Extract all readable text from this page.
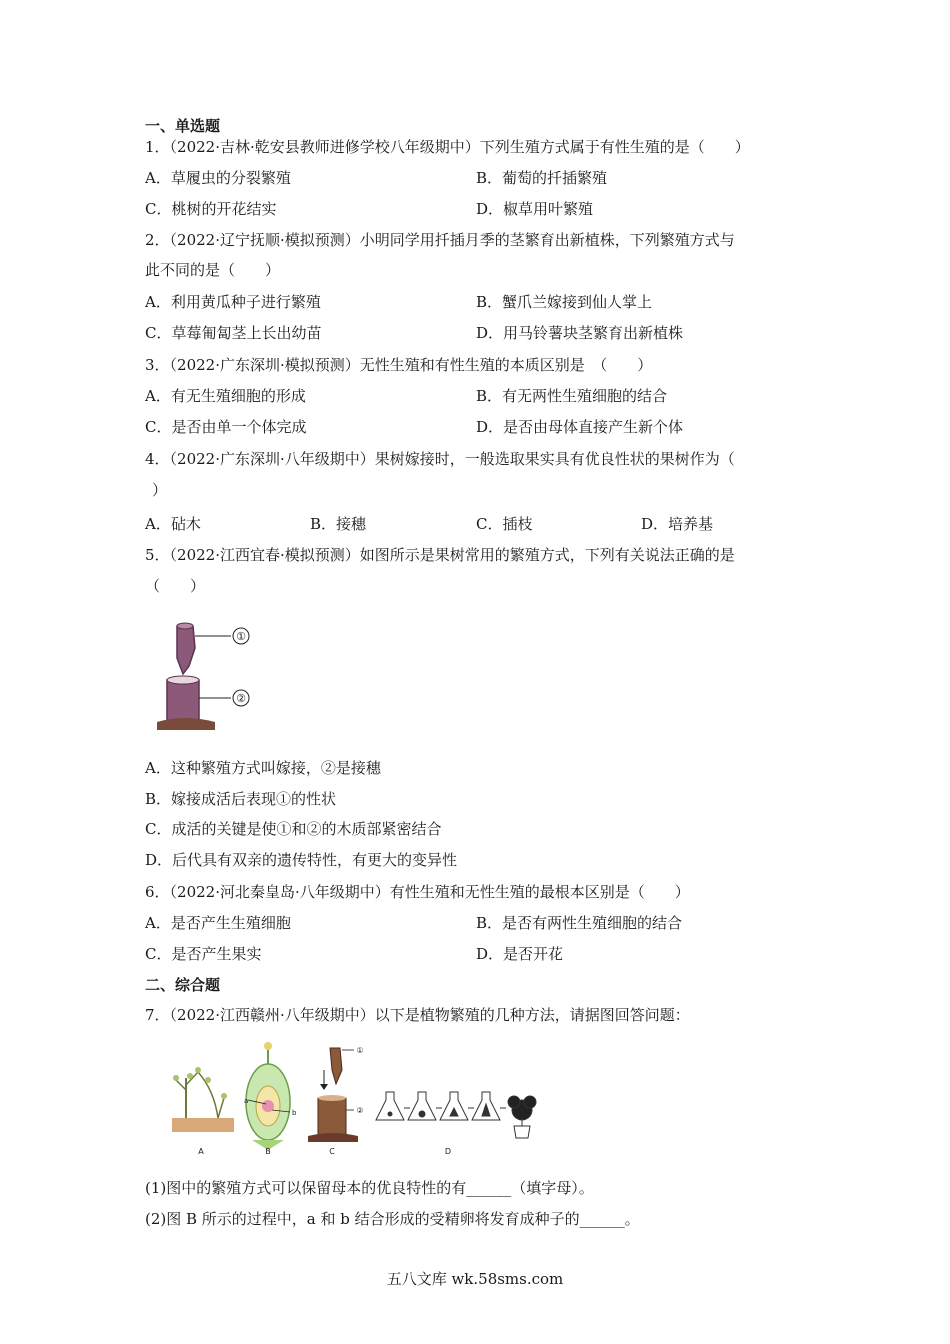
一、单选题
1．（2022·吉林·乾安县教师进修学校八年级期中）下列生殖方式属于有性生殖的是（　　）
A．草履虫的分裂繁殖	B．葡萄的扦插繁殖
C．桃树的开花结实	D．椒草用叶繁殖
2．（2022·辽宁抚顺·模拟预测）小明同学用扦插月季的茎繁育出新植株，下列繁殖方式与
此不同的是（　　）
A．利用黄瓜种子进行繁殖	B．蟹爪兰嫁接到仙人掌上
C．草莓匍匐茎上长出幼苗	D．用马铃薯块茎繁育出新植株
3．（2022·广东深圳·模拟预测）无性生殖和有性生殖的本质区别是　（　　）
A．有无生殖细胞的形成	B．有无两性生殖细胞的结合
C．是否由单一个体完成	D．是否由母体直接产生新个体
4．（2022·广东深圳·八年级期中）果树嫁接时，一般选取果实具有优良性状的果树作为（
）
A．砧木	B．接穗	C．插枝	D．培养基
5．（2022·江西宜春·模拟预测）如图所示是果树常用的繁殖方式，下列有关说法正确的是
（　　）
①
②
A．这种繁殖方式叫嫁接，②是接穗
B．嫁接成活后表现①的性状
C．成活的关键是使①和②的木质部紧密结合
D．后代具有双亲的遗传特性，有更大的变异性
6．（2022·河北秦皇岛·八年级期中）有性生殖和无性生殖的最根本区别是（　　）
A．是否产生生殖细胞	B．是否有两性生殖细胞的结合
C．是否产生果实	D．是否开花
二、综合题
7．（2022·江西赣州·八年级期中）以下是植物繁殖的几种方法，请据图回答问题：
A
a
b
B
①
②
C	D
(1)图中的繁殖方式可以保留母本的优良特性的有______（填字母）。
(2)图 B 所示的过程中，a 和 b 结合形成的受精卵将发育成种子的______。
五八文库 wk.58sms.com
